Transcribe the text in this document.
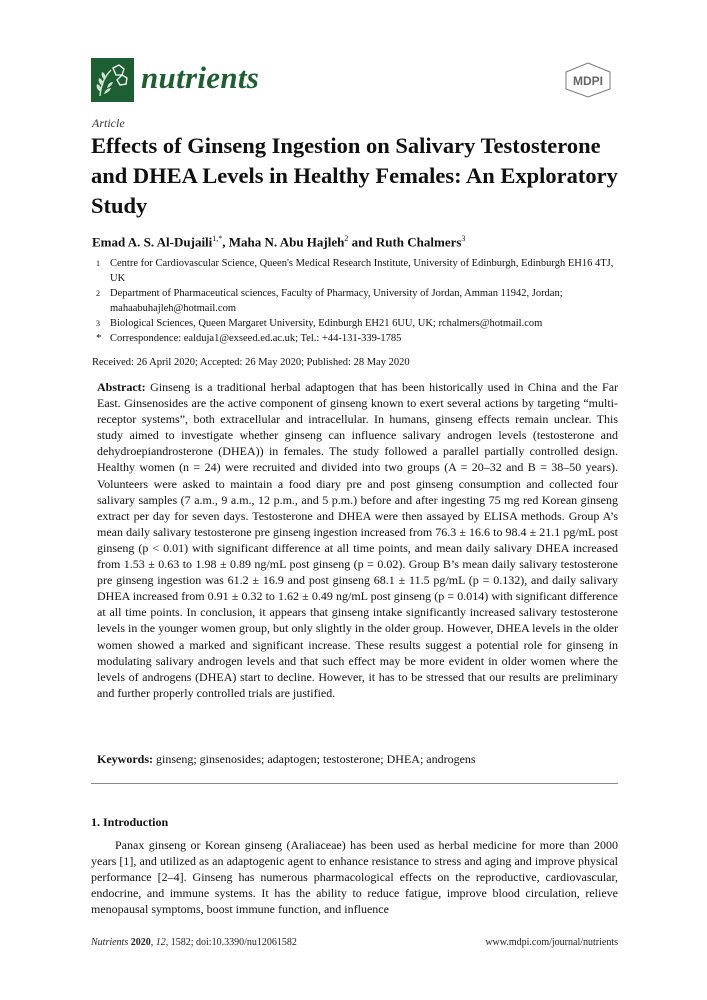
nutrients	MDPI
Article
Effects of Ginseng Ingestion on Salivary Testosterone and DHEA Levels in Healthy Females: An Exploratory Study
Emad A. S. Al-Dujaili$^{1,*}$, Maha N. Abu Hajleh$^2$ and Ruth Chalmers$^3$
1 Centre for Cardiovascular Science, Queen's Medical Research Institute, University of Edinburgh, Edinburgh EH16 4TJ, UK
2 Department of Pharmaceutical sciences, Faculty of Pharmacy, University of Jordan, Amman 11942, Jordan; mahaabuhajleh@hotmail.com
3 Biological Sciences, Queen Margaret University, Edinburgh EH21 6UU, UK; rchalmers@hotmail.com
* Correspondence: ealduja1@exseed.ed.ac.uk; Tel.: +44-131-339-1785
Received: 26 April 2020; Accepted: 26 May 2020; Published: 28 May 2020
Abstract: Ginseng is a traditional herbal adaptogen that has been historically used in China and the Far East. Ginsenosides are the active component of ginseng known to exert several actions by targeting “multi-receptor systems”, both extracellular and intracellular. In humans, ginseng effects remain unclear. This study aimed to investigate whether ginseng can influence salivary androgen levels (testosterone and dehydroepiandrosterone (DHEA)) in females. The study followed a parallel partially controlled design. Healthy women (n = 24) were recruited and divided into two groups (A = 20–32 and B = 38–50 years). Volunteers were asked to maintain a food diary pre and post ginseng consumption and collected four salivary samples (7 a.m., 9 a.m., 12 p.m., and 5 p.m.) before and after ingesting 75 mg red Korean ginseng extract per day for seven days. Testosterone and DHEA were then assayed by ELISA methods. Group A’s mean daily salivary testosterone pre ginseng ingestion increased from 76.3 ± 16.6 to 98.4 ± 21.1 pg/mL post ginseng (p < 0.01) with significant difference at all time points, and mean daily salivary DHEA increased from 1.53 ± 0.63 to 1.98 ± 0.89 ng/mL post ginseng (p = 0.02). Group B’s mean daily salivary testosterone pre ginseng ingestion was 61.2 ± 16.9 and post ginseng 68.1 ± 11.5 pg/mL (p = 0.132), and daily salivary DHEA increased from 0.91 ± 0.32 to 1.62 ± 0.49 ng/mL post ginseng (p = 0.014) with significant difference at all time points. In conclusion, it appears that ginseng intake significantly increased salivary testosterone levels in the younger women group, but only slightly in the older group. However, DHEA levels in the older women showed a marked and significant increase. These results suggest a potential role for ginseng in modulating salivary androgen levels and that such effect may be more evident in older women where the levels of androgens (DHEA) start to decline. However, it has to be stressed that our results are preliminary and further properly controlled trials are justified.
Keywords: ginseng; ginsenosides; adaptogen; testosterone; DHEA; androgens
1. Introduction
Panax ginseng or Korean ginseng (Araliaceae) has been used as herbal medicine for more than 2000 years [1], and utilized as an adaptogenic agent to enhance resistance to stress and aging and improve physical performance [2–4]. Ginseng has numerous pharmacological effects on the reproductive, cardiovascular, endocrine, and immune systems. It has the ability to reduce fatigue, improve blood circulation, relieve menopausal symptoms, boost immune function, and influence
Nutrients 2020, 12, 1582; doi:10.3390/nu12061582	www.mdpi.com/journal/nutrients
